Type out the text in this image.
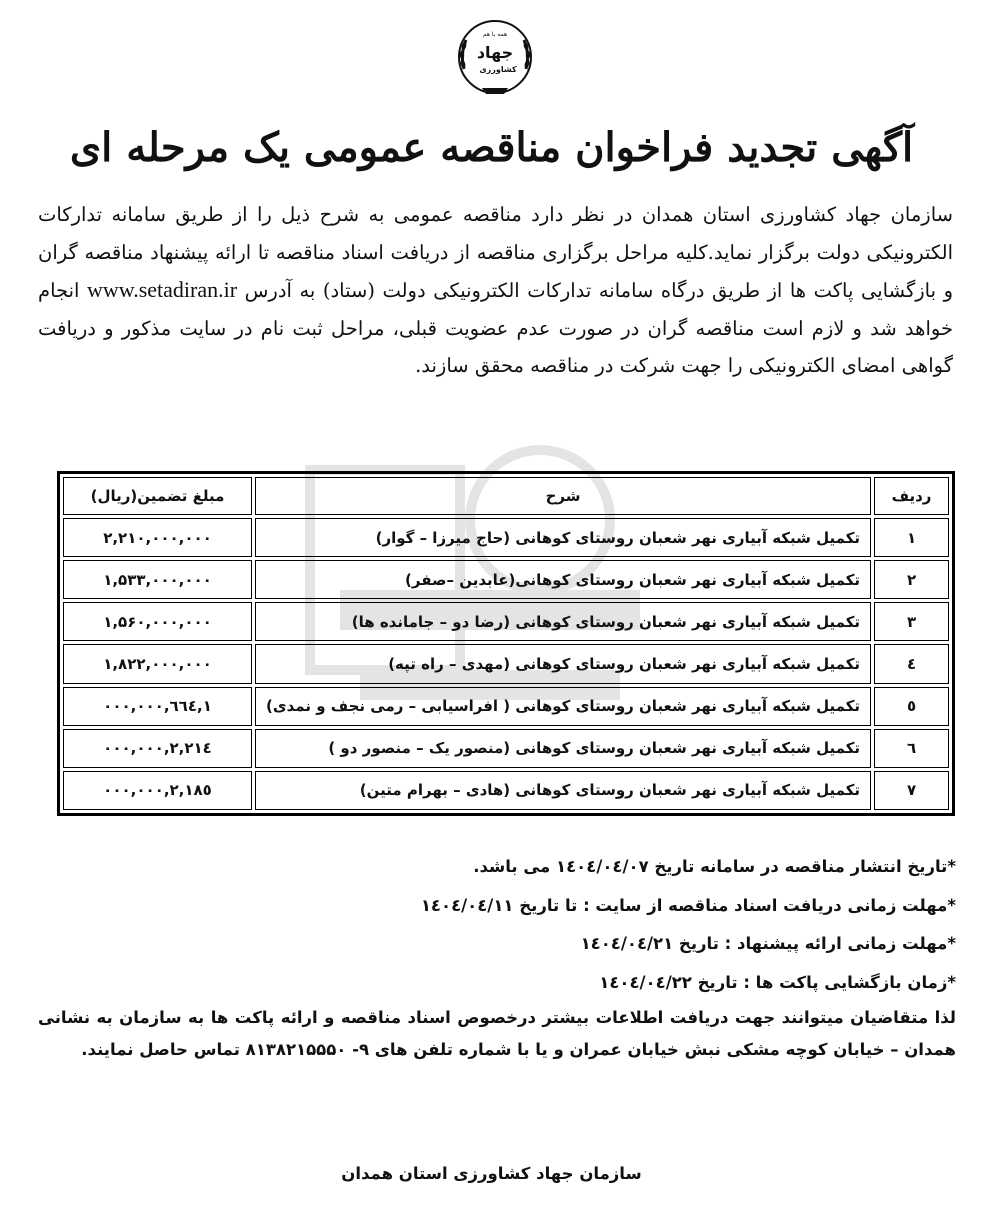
همه با هم
جهاد
کشاورزی
آگهی تجدید فراخوان مناقصه عمومی یک مرحله ای

سازمان جهاد کشاورزی استان همدان در نظر دارد مناقصه عمومی به شرح ذیل را از طریق سامانه تدارکات الکترونیکی دولت برگزار نماید.کلیه مراحل برگزاری مناقصه از دریافت اسناد مناقصه تا ارائه پیشنهاد مناقصه گران و بازگشایی پاکت ها از طریق درگاه سامانه تدارکات الکترونیکی دولت (ستاد) به آدرس www.setadiran.ir انجام خواهد شد و لازم است مناقصه گران در صورت عدم عضویت قبلی، مراحل ثبت نام در سایت مذکور و دریافت گواهی امضای الکترونیکی را جهت شرکت در مناقصه محقق سازند.

ردیف	شرح	مبلغ تضمین(ریال)
۱	تکمیل شبکه آبیاری نهر شعبان روستای کوهانی (حاج میرزا – گوار)	۲,۲۱۰,۰۰۰,۰۰۰
۲	تکمیل شبکه آبیاری نهر شعبان روستای کوهانی(عابدین –صفر)	۱,۵۳۳,۰۰۰,۰۰۰
۳	تکمیل شبکه آبیاری نهر شعبان روستای کوهانی (رضا دو – جامانده ها)	۱,۵۶۰,۰۰۰,۰۰۰
٤	تکمیل شبکه آبیاری نهر شعبان روستای کوهانی (مهدی – راه تپه)	۱,۸۲۲,۰۰۰,۰۰۰
٥	تکمیل شبکه آبیاری نهر شعبان روستای کوهانی ( افراسیابی – رمی نجف و نمدی)	۱,٦٦٤,۰۰۰,۰۰۰
٦	تکمیل شبکه آبیاری نهر شعبان روستای کوهانی (منصور یک – منصور دو )	۲,۲۱٤,۰۰۰,۰۰۰
۷	تکمیل شبکه آبیاری نهر شعبان روستای کوهانی (هادی – بهرام متین)	۲,۱۸٥,۰۰۰,۰۰۰

*تاریخ انتشار مناقصه در سامانه تاریخ ۱٤۰٤/۰٤/۰۷ می باشد.

*مهلت زمانی دریافت اسناد مناقصه از سایت : تا تاریخ ۱٤۰٤/۰٤/۱۱

*مهلت زمانی ارائه پیشنهاد : تاریخ ۱٤۰٤/۰٤/۲۱

*زمان بازگشایی پاکت ها : تاریخ ۱٤۰٤/۰٤/۲۲

لذا متقاضیان میتوانند جهت دریافت اطلاعات بیشتر درخصوص اسناد مناقصه و ارائه پاکت ها به سازمان به نشانی همدان – خیابان کوچه مشکی نبش خیابان عمران و یا با شماره تلفن های ۹- ۸۱۳۸۲۱۵۵۵۰ تماس حاصل نمایند.

سازمان جهاد کشاورزی استان همدان
